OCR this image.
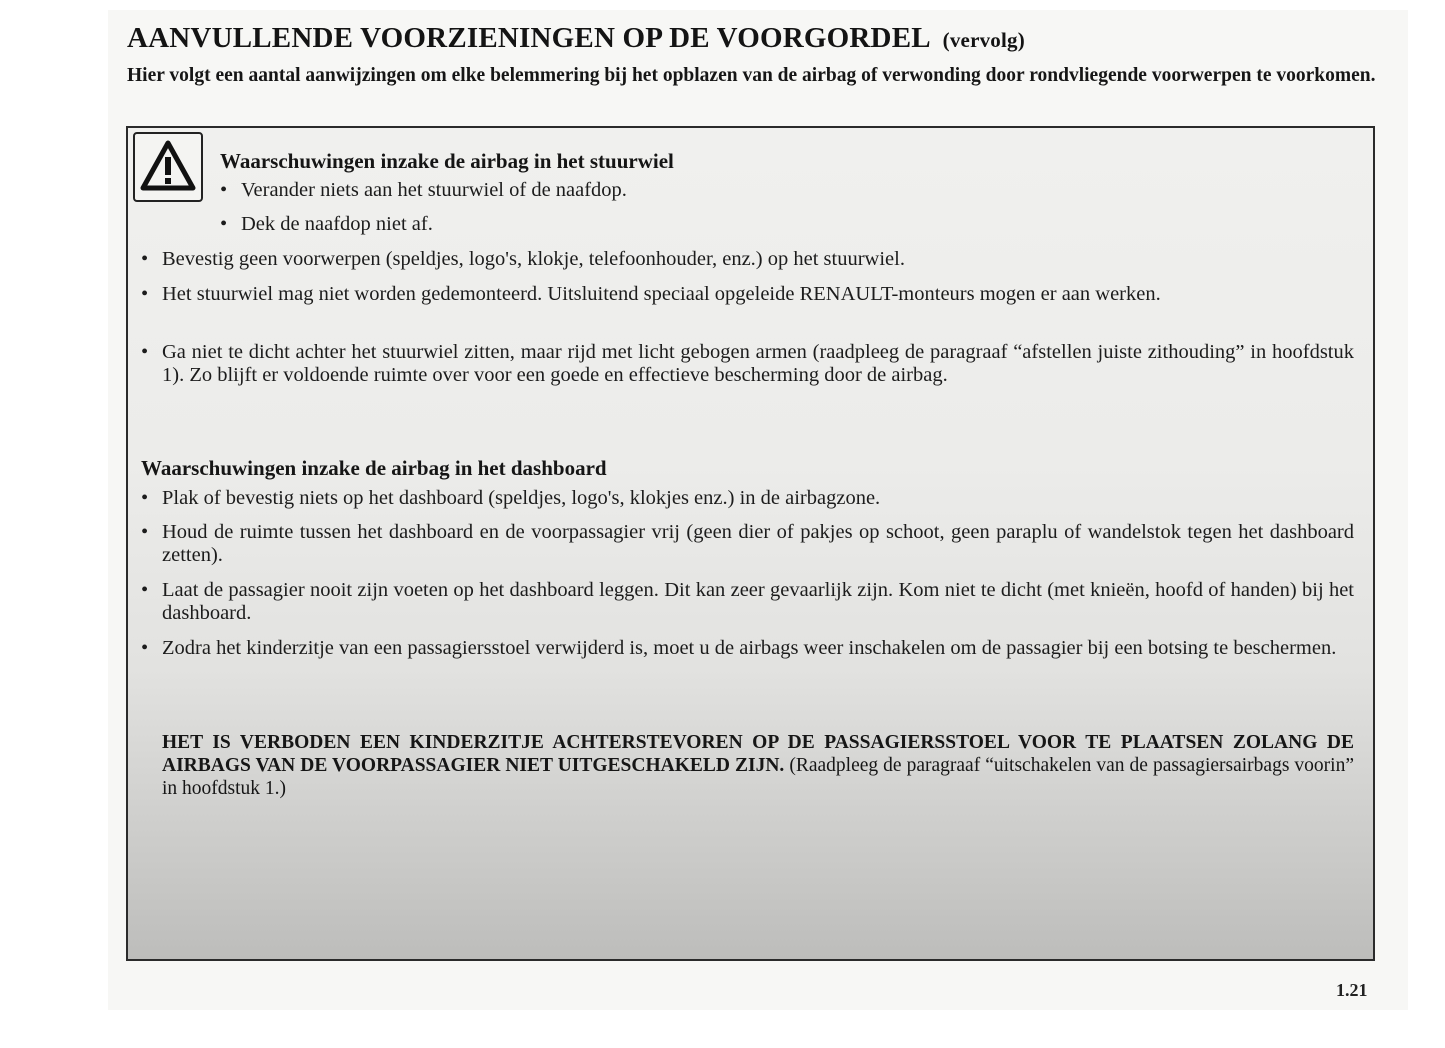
AANVULLENDE VOORZIENINGEN OP DE VOORGORDEL (vervolg)
Hier volgt een aantal aanwijzingen om elke belemmering bij het opblazen van de airbag of verwonding door rondvliegende voorwerpen te voorkomen.
Waarschuwingen inzake de airbag in het stuurwiel
• Verander niets aan het stuurwiel of de naafdop.
• Dek de naafdop niet af.
• Bevestig geen voorwerpen (speldjes, logo's, klokje, telefoonhouder, enz.) op het stuurwiel.
• Het stuurwiel mag niet worden gedemonteerd. Uitsluitend speciaal opgeleide RENAULT-monteurs mogen er aan werken.
• Ga niet te dicht achter het stuurwiel zitten, maar rijd met licht gebogen armen (raadpleeg de paragraaf “afstellen juiste zithouding” in hoofdstuk 1). Zo blijft er voldoende ruimte over voor een goede en effectieve bescherming door de airbag.
Waarschuwingen inzake de airbag in het dashboard
• Plak of bevestig niets op het dashboard (speldjes, logo's, klokjes enz.) in de airbagzone.
• Houd de ruimte tussen het dashboard en de voorpassagier vrij (geen dier of pakjes op schoot, geen paraplu of wandelstok tegen het dashboard zetten).
• Laat de passagier nooit zijn voeten op het dashboard leggen. Dit kan zeer gevaarlijk zijn. Kom niet te dicht (met knieën, hoofd of handen) bij het dashboard.
• Zodra het kinderzitje van een passagiersstoel verwijderd is, moet u de airbags weer inschakelen om de passagier bij een botsing te beschermen.
HET IS VERBODEN EEN KINDERZITJE ACHTERSTEVOREN OP DE PASSAGIERSSTOEL VOOR TE PLAATSEN ZOLANG DE AIRBAGS VAN DE VOORPASSAGIER NIET UITGESCHAKELD ZIJN. (Raadpleeg de paragraaf “uitschakelen van de passagiersairbags voorin” in hoofdstuk 1.)
1.21
